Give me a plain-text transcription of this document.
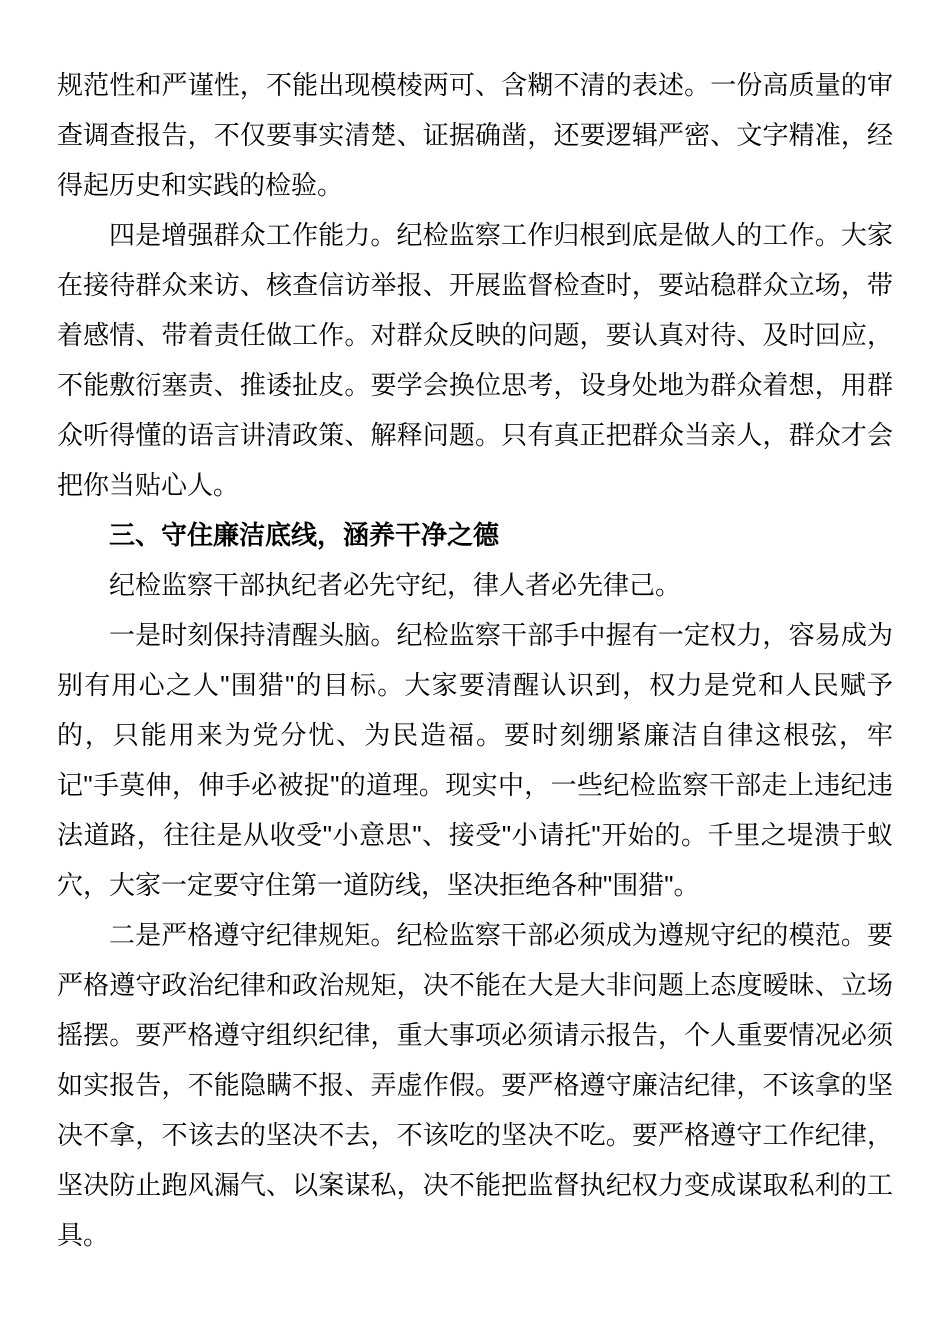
规范性和严谨性，不能出现模棱两可、含糊不清的表述。一份高质量的审查调查报告，不仅要事实清楚、证据确凿，还要逻辑严密、文字精准，经得起历史和实践的检验。

四是增强群众工作能力。纪检监察工作归根到底是做人的工作。大家在接待群众来访、核查信访举报、开展监督检查时，要站稳群众立场，带着感情、带着责任做工作。对群众反映的问题，要认真对待、及时回应，不能敷衍塞责、推诿扯皮。要学会换位思考，设身处地为群众着想，用群众听得懂的语言讲清政策、解释问题。只有真正把群众当亲人，群众才会把你当贴心人。

三、守住廉洁底线，涵养干净之德

纪检监察干部执纪者必先守纪，律人者必先律己。

一是时刻保持清醒头脑。纪检监察干部手中握有一定权力，容易成为别有用心之人"围猎"的目标。大家要清醒认识到，权力是党和人民赋予的，只能用来为党分忧、为民造福。要时刻绷紧廉洁自律这根弦，牢记"手莫伸，伸手必被捉"的道理。现实中，一些纪检监察干部走上违纪违法道路，往往是从收受"小意思"、接受"小请托"开始的。千里之堤溃于蚁穴，大家一定要守住第一道防线，坚决拒绝各种"围猎"。

二是严格遵守纪律规矩。纪检监察干部必须成为遵规守纪的模范。要严格遵守政治纪律和政治规矩，决不能在大是大非问题上态度暧昧、立场摇摆。要严格遵守组织纪律，重大事项必须请示报告，个人重要情况必须如实报告，不能隐瞒不报、弄虚作假。要严格遵守廉洁纪律，不该拿的坚决不拿，不该去的坚决不去，不该吃的坚决不吃。要严格遵守工作纪律，坚决防止跑风漏气、以案谋私，决不能把监督执纪权力变成谋取私利的工具。
